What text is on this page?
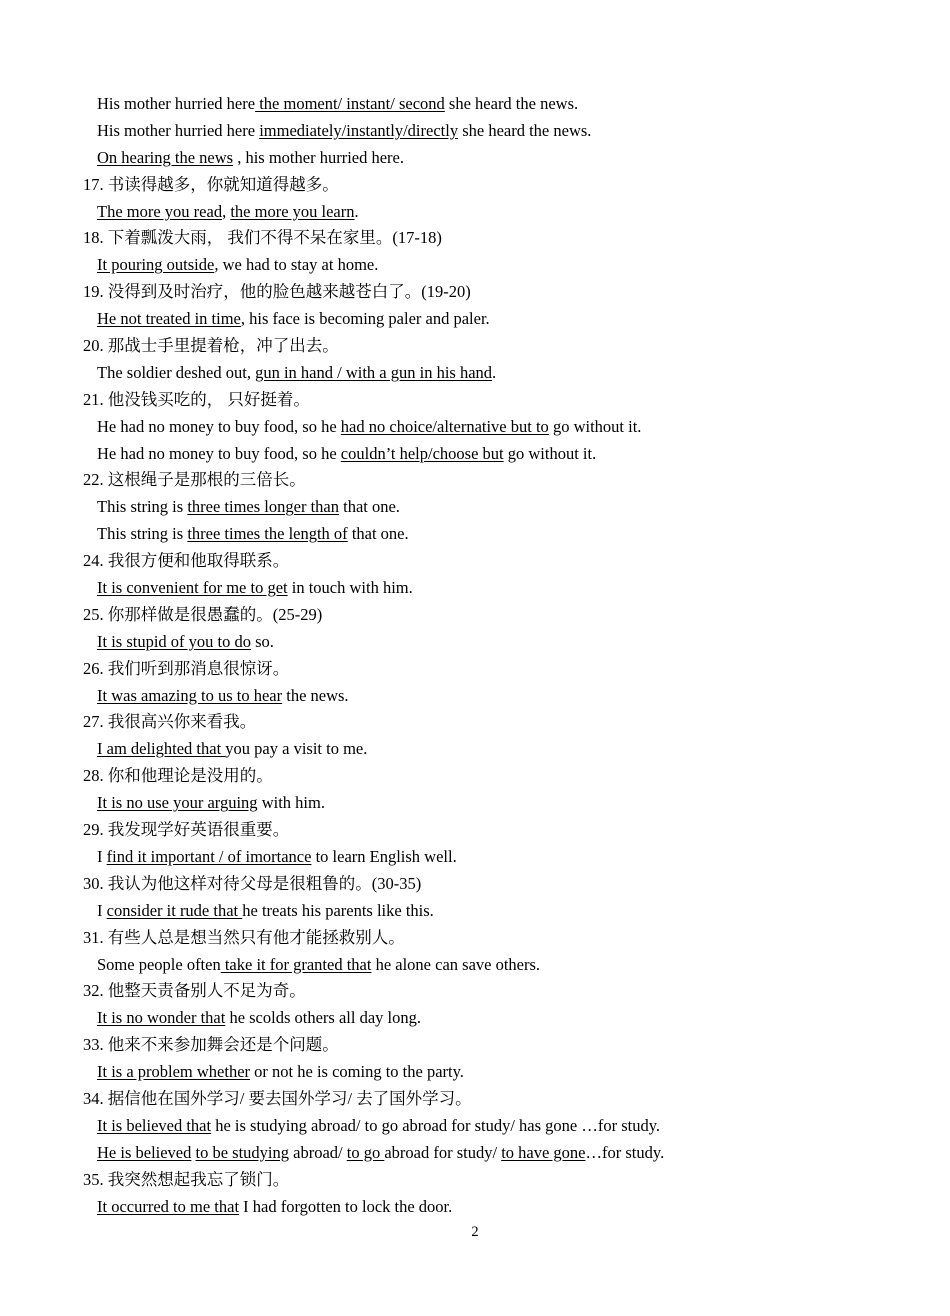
His mother hurried here the moment/ instant/ second she heard the news.
His mother hurried here immediately/instantly/directly she heard the news.
On hearing the news , his mother hurried here.
17. 书读得越多，你就知道得越多。
The more you read, the more you learn.
18. 下着瓢泼大雨， 我们不得不呆在家里。(17-18)
It pouring outside, we had to stay at home.
19. 没得到及时治疗，他的脸色越来越苍白了。(19-20)
He not treated in time, his face is becoming paler and paler.
20. 那战士手里提着枪，冲了出去。
The soldier deshed out, gun in hand / with a gun in his hand.
21. 他没钱买吃的， 只好挺着。
He had no money to buy food, so he had no choice/alternative but to go without it.
He had no money to buy food, so he couldn’t help/choose but go without it.
22. 这根绳子是那根的三倍长。
This string is three times longer than that one.
This string is three times the length of that one.
24. 我很方便和他取得联系。
It is convenient for me to get in touch with him.
25. 你那样做是很愚蠢的。(25-29)
It is stupid of you to do so.
26. 我们听到那消息很惊讶。
It was amazing to us to hear the news.
27. 我很高兴你来看我。
I am delighted that you pay a visit to me.
28. 你和他理论是没用的。
It is no use your arguing with him.
29. 我发现学好英语很重要。
I find it important / of imortance to learn English well.
30. 我认为他这样对待父母是很粗鲁的。(30-35)
I consider it rude that he treats his parents like this.
31. 有些人总是想当然只有他才能拯救别人。
Some people often take it for granted that he alone can save others.
32. 他整天责备别人不足为奇。
It is no wonder that he scolds others all day long.
33. 他来不来参加舞会还是个问题。
It is a problem whether or not he is coming to the party.
34. 据信他在国外学习/ 要去国外学习/ 去了国外学习。
It is believed that he is studying abroad/ to go abroad for study/ has gone …for study.
He is believed to be studying abroad/ to go abroad for study/ to have gone…for study.
35. 我突然想起我忘了锁门。
It occurred to me that I had forgotten to lock the door.
2
